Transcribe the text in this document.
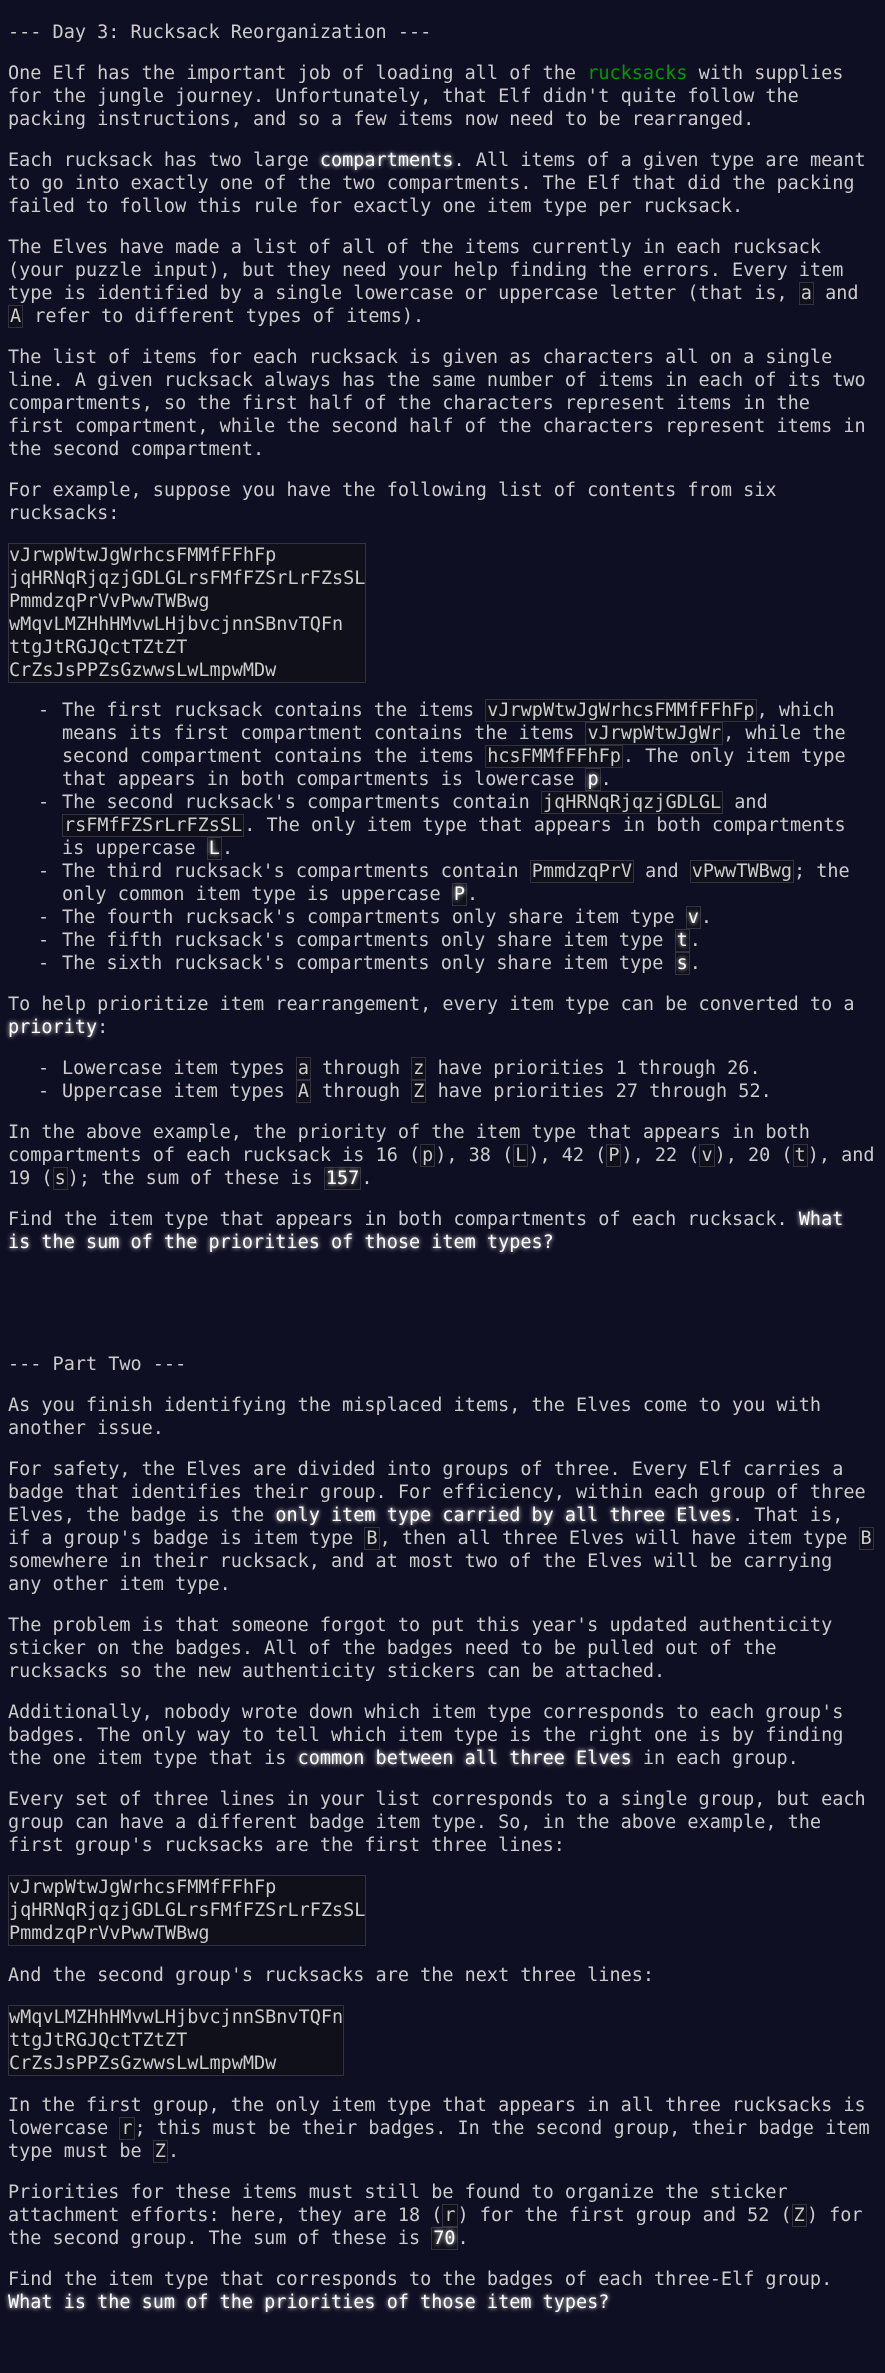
--- Day 3: Rucksack Reorganization ---

One Elf has the important job of loading all of the rucksacks with supplies for the jungle journey. Unfortunately, that Elf didn't quite follow the packing instructions, and so a few items now need to be rearranged.

Each rucksack has two large compartments. All items of a given type are meant to go into exactly one of the two compartments. The Elf that did the packing failed to follow this rule for exactly one item type per rucksack.

The Elves have made a list of all of the items currently in each rucksack (your puzzle input), but they need your help finding the errors. Every item type is identified by a single lowercase or uppercase letter (that is, a and A refer to different types of items).

The list of items for each rucksack is given as characters all on a single line. A given rucksack always has the same number of items in each of its two compartments, so the first half of the characters represent items in the first compartment, while the second half of the characters represent items in the second compartment.

For example, suppose you have the following list of contents from six rucksacks:

vJrwpWtwJgWrhcsFMMfFFhFp
jqHRNqRjqzjGDLGLrsFMfFZSrLrFZsSL
PmmdzqPrVvPwwTWBwg
wMqvLMZHhHMvwLHjbvcjnnSBnvTQFn
ttgJtRGJQctTZtZT
CrZsJsPPZsGzwwsLwLmpwMDw
- The first rucksack contains the items vJrwpWtwJgWrhcsFMMfFFhFp , which means its first compartment contains the items vJrwpWtwJgWr , while the second compartment contains the items hcsFMMfFFhFp . The only item type that appears in both compartments is lowercase p .
- The second rucksack's compartments contain jqHRNqRjqzjGDLGL and rsFMfFZSrLrFZsSL . The only item type that appears in both compartments is uppercase L .
- The third rucksack's compartments contain PmmdzqPrV and vPwwTWBwg ; the only common item type is uppercase P .
- The fourth rucksack's compartments only share item type v .
- The fifth rucksack's compartments only share item type t .
- The sixth rucksack's compartments only share item type s .

To help prioritize item rearrangement, every item type can be converted to a priority:

- Lowercase item types a through z have priorities 1 through 26.
- Uppercase item types A through Z have priorities 27 through 52.

In the above example, the priority of the item type that appears in both compartments of each rucksack is 16 ( p ), 38 ( L ), 42 ( P ), 22 ( v ), 20 ( t ), and 19 ( s ); the sum of these is 157 .

Find the item type that appears in both compartments of each rucksack. What is the sum of the priorities of those item types?

--- Part Two ---

As you finish identifying the misplaced items, the Elves come to you with another issue.

For safety, the Elves are divided into groups of three. Every Elf carries a badge that identifies their group. For efficiency, within each group of three Elves, the badge is the only item type carried by all three Elves. That is, if a group's badge is item type B , then all three Elves will have item type B somewhere in their rucksack, and at most two of the Elves will be carrying any other item type.

The problem is that someone forgot to put this year's updated authenticity sticker on the badges. All of the badges need to be pulled out of the rucksacks so the new authenticity stickers can be attached.

Additionally, nobody wrote down which item type corresponds to each group's badges. The only way to tell which item type is the right one is by finding the one item type that is common between all three Elves in each group.

Every set of three lines in your list corresponds to a single group, but each group can have a different badge item type. So, in the above example, the first group's rucksacks are the first three lines:

vJrwpWtwJgWrhcsFMMfFFhFp
jqHRNqRjqzjGDLGLrsFMfFZSrLrFZsSL
PmmdzqPrVvPwwTWBwg

And the second group's rucksacks are the next three lines:

wMqvLMZHhHMvwLHjbvcjnnSBnvTQFn
ttgJtRGJQctTZtZT
CrZsJsPPZsGzwwsLwLmpwMDw

In the first group, the only item type that appears in all three rucksacks is lowercase r ; this must be their badges. In the second group, their badge item type must be Z .

Priorities for these items must still be found to organize the sticker attachment efforts: here, they are 18 ( r ) for the first group and 52 ( Z ) for the second group. The sum of these is 70 .

Find the item type that corresponds to the badges of each three-Elf group. What is the sum of the priorities of those item types?
